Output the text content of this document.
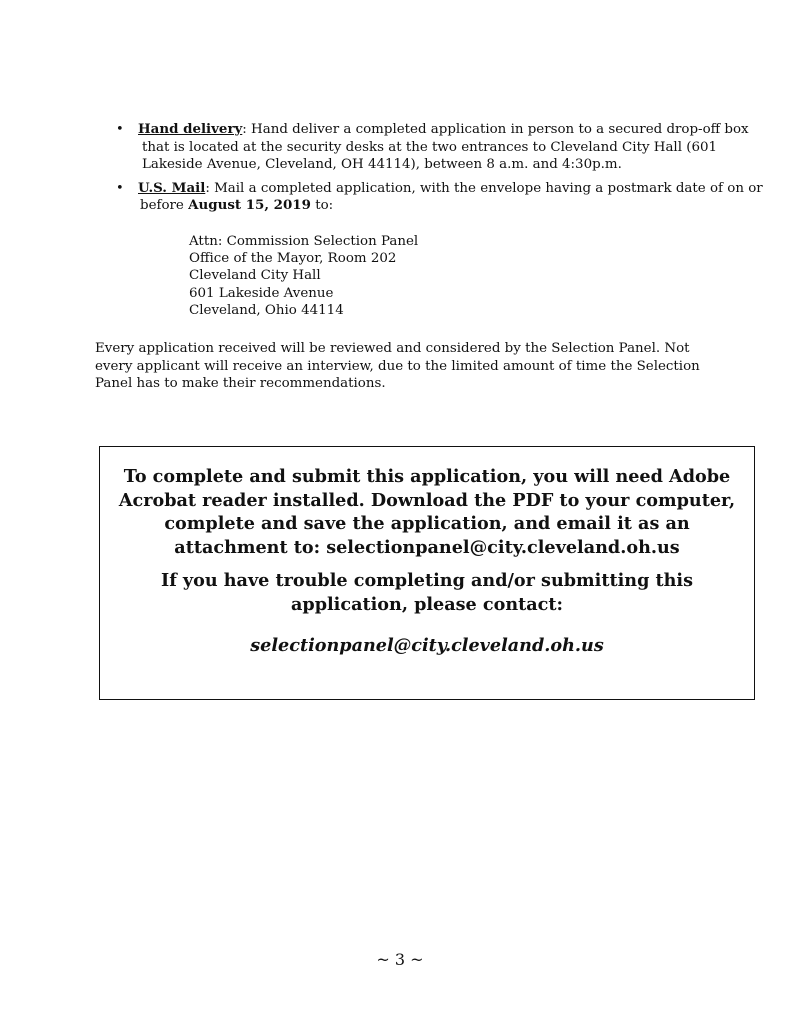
• Hand delivery: Hand deliver a completed application in person to a secured drop-off box that is located at the security desks at the two entrances to Cleveland City Hall (601 Lakeside Avenue, Cleveland, OH 44114), between 8 a.m. and 4:30p.m.
• U.S. Mail: Mail a completed application, with the envelope having a postmark date of on or before August 15, 2019 to:
Attn: Commission Selection Panel
Office of the Mayor, Room 202
Cleveland City Hall
601 Lakeside Avenue
Cleveland, Ohio 44114

Every application received will be reviewed and considered by the Selection Panel. Not every applicant will receive an interview, due to the limited amount of time the Selection Panel has to make their recommendations.

To complete and submit this application, you will need Adobe Acrobat reader installed. Download the PDF to your computer, complete and save the application, and email it as an attachment to: selectionpanel@city.cleveland.oh.us
If you have trouble completing and/or submitting this application, please contact:
selectionpanel@city.cleveland.oh.us
~ 3 ~
